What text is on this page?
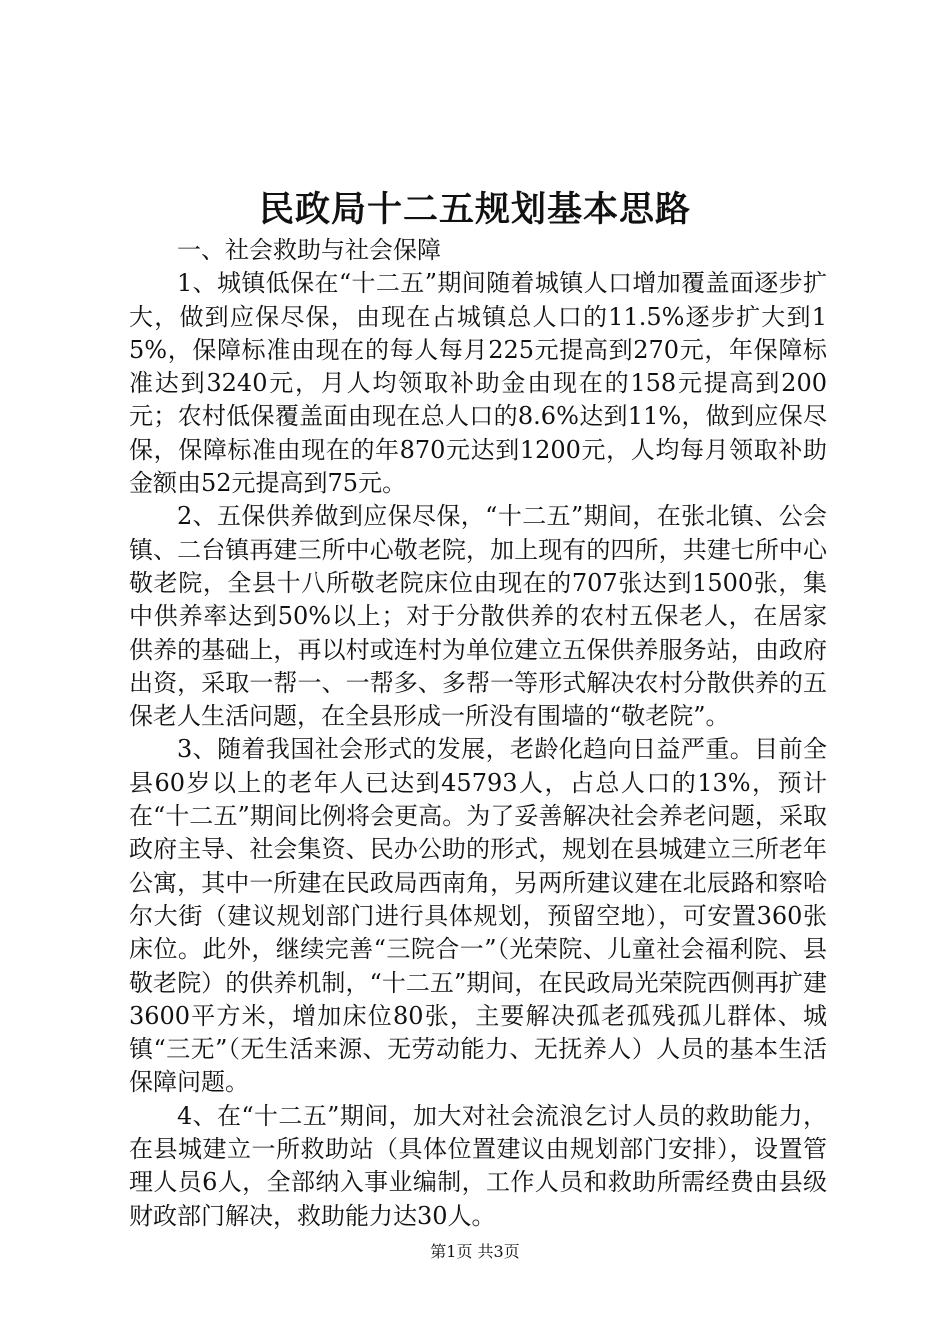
民政局十二五规划基本思路

一、社会救助与社会保障

1、城镇低保在“十二五”期间随着城镇人口增加覆盖面逐步扩大，做到应保尽保，由现在占城镇总人口的11.5%逐步扩大到15%，保障标准由现在的每人每月225元提高到270元，年保障标准达到3240元，月人均领取补助金由现在的158元提高到200元；农村低保覆盖面由现在总人口的8.6%达到11%，做到应保尽保，保障标准由现在的年870元达到1200元，人均每月领取补助金额由52元提高到75元。

2、五保供养做到应保尽保，“十二五”期间，在张北镇、公会镇、二台镇再建三所中心敬老院，加上现有的四所，共建七所中心敬老院，全县十八所敬老院床位由现在的707张达到1500张，集中供养率达到50%以上；对于分散供养的农村五保老人，在居家供养的基础上，再以村或连村为单位建立五保供养服务站，由政府出资，采取一帮一、一帮多、多帮一等形式解决农村分散供养的五保老人生活问题，在全县形成一所没有围墙的“敬老院”。

3、随着我国社会形式的发展，老龄化趋向日益严重。目前全县60岁以上的老年人已达到45793人，占总人口的13%，预计在“十二五”期间比例将会更高。为了妥善解决社会养老问题，采取政府主导、社会集资、民办公助的形式，规划在县城建立三所老年公寓，其中一所建在民政局西南角，另两所建议建在北辰路和察哈尔大街（建议规划部门进行具体规划，预留空地），可安置360张床位。此外，继续完善“三院合一”（光荣院、儿童社会福利院、县敬老院）的供养机制，“十二五”期间，在民政局光荣院西侧再扩建3600平方米，增加床位80张，主要解决孤老孤残孤儿群体、城镇“三无”（无生活来源、无劳动能力、无抚养人）人员的基本生活保障问题。

4、在“十二五”期间，加大对社会流浪乞讨人员的救助能力，在县城建立一所救助站（具体位置建议由规划部门安排），设置管理人员6人，全部纳入事业编制，工作人员和救助所需经费由县级财政部门解决，救助能力达30人。

第1页 共3页
